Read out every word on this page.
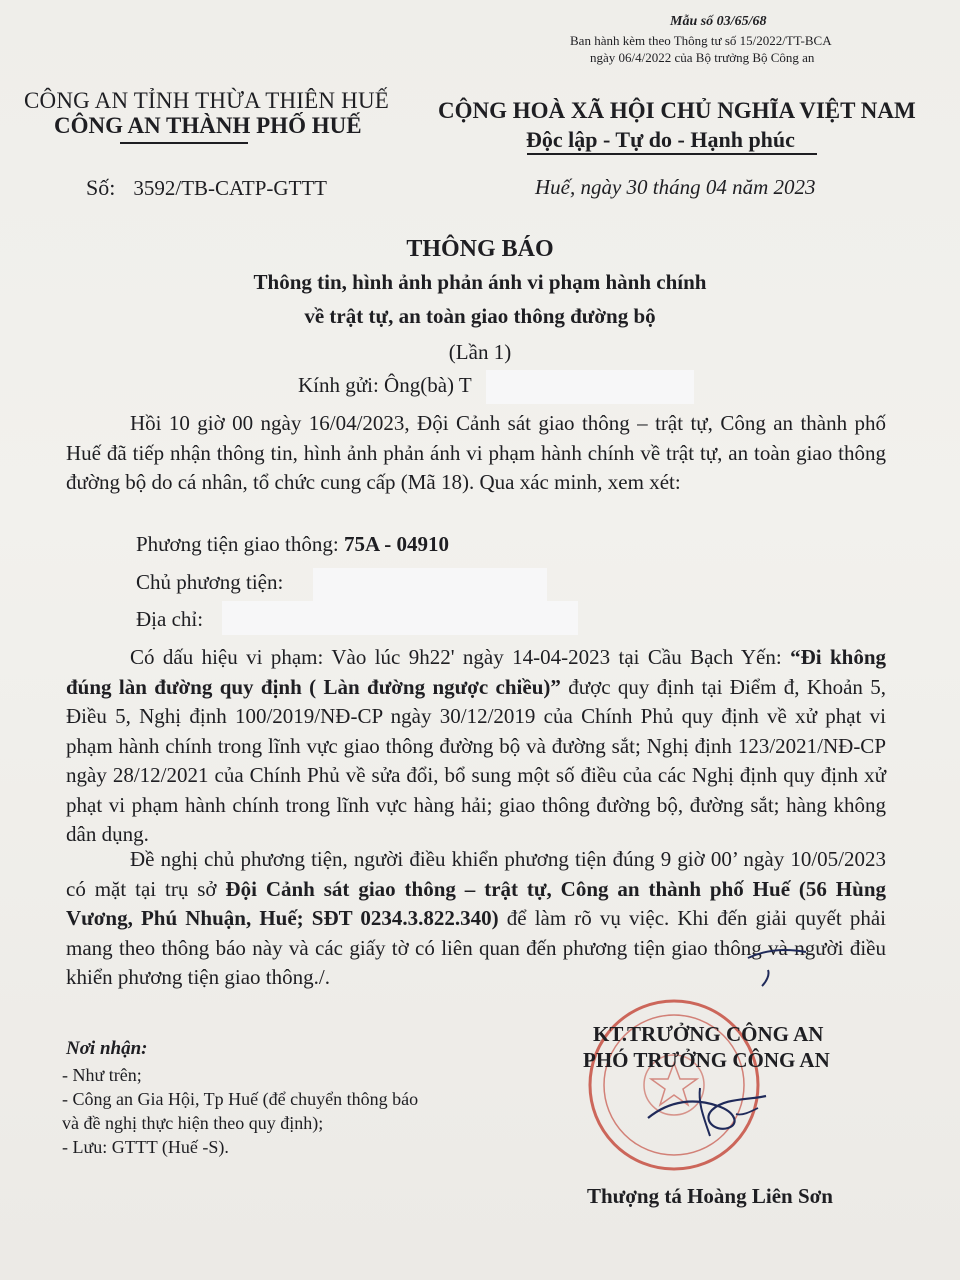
Mẫu số 03/65/68
Ban hành kèm theo Thông tư số 15/2022/TT-BCA
ngày 06/4/2022 của Bộ trưởng Bộ Công an
CÔNG AN TỈNH THỪA THIÊN HUẾ
CÔNG AN THÀNH PHỐ HUẾ
CỘNG HOÀ XÃ HỘI CHỦ NGHĨA VIỆT NAM
Độc lập - Tự do - Hạnh phúc
Số: 3592/TB-CATP-GTTT	Huế, ngày 30 tháng 04 năm 2023
THÔNG BÁO
Thông tin, hình ảnh phản ánh vi phạm hành chính
về trật tự, an toàn giao thông đường bộ
(Lần 1)
Kính gửi: Ông(bà) T
Hồi 10 giờ 00 ngày 16/04/2023, Đội Cảnh sát giao thông – trật tự, Công an thành phố Huế đã tiếp nhận thông tin, hình ảnh phản ánh vi phạm hành chính về trật tự, an toàn giao thông đường bộ do cá nhân, tổ chức cung cấp (Mã 18). Qua xác minh, xem xét:
Phương tiện giao thông: 75A - 04910
Chủ phương tiện:
Địa chỉ:
Có dấu hiệu vi phạm: Vào lúc 9h22' ngày 14-04-2023 tại Cầu Bạch Yến: “Đi không đúng làn đường quy định ( Làn đường ngược chiều)” được quy định tại Điểm đ, Khoản 5, Điều 5, Nghị định 100/2019/NĐ-CP ngày 30/12/2019 của Chính Phủ quy định về xử phạt vi phạm hành chính trong lĩnh vực giao thông đường bộ và đường sắt; Nghị định 123/2021/NĐ-CP ngày 28/12/2021 của Chính Phủ về sửa đổi, bổ sung một số điều của các Nghị định quy định xử phạt vi phạm hành chính trong lĩnh vực hàng hải; giao thông đường bộ, đường sắt; hàng không dân dụng.
Đề nghị chủ phương tiện, người điều khiển phương tiện đúng 9 giờ 00’ ngày 10/05/2023 có mặt tại trụ sở Đội Cảnh sát giao thông – trật tự, Công an thành phố Huế (56 Hùng Vương, Phú Nhuận, Huế; SĐT 0234.3.822.340) để làm rõ vụ việc. Khi đến giải quyết phải mang theo thông báo này và các giấy tờ có liên quan đến phương tiện giao thông và người điều khiển phương tiện giao thông./.
Nơi nhận:
- Như trên;
- Công an Gia Hội, Tp Huế (để chuyển thông báo
và đề nghị thực hiện theo quy định);
- Lưu: GTTT (Huế -S).
KT.TRƯỞNG CÔNG AN
PHÓ TRƯỞNG CÔNG AN
Thượng tá Hoàng Liên Sơn
